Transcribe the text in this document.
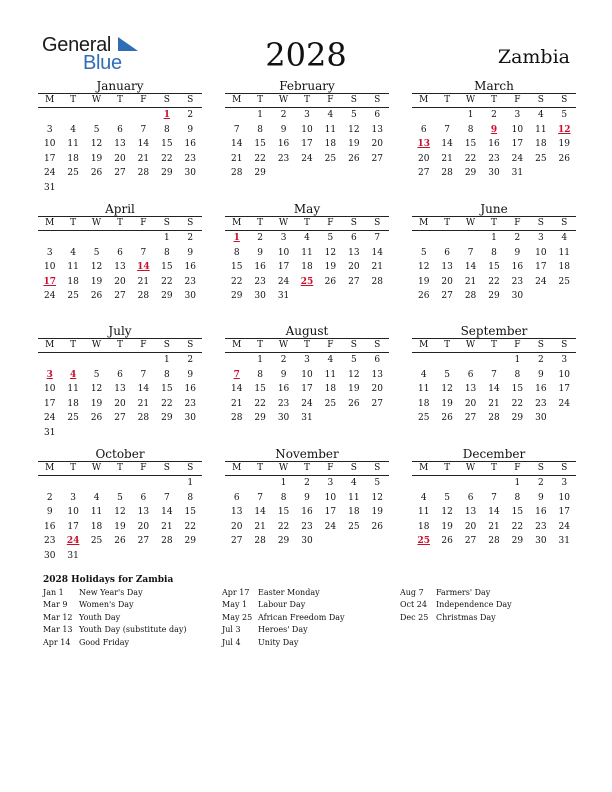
General
Blue	2028	Zambia
January
M	T	W	T	F	S	S
					1	2
3	4	5	6	7	8	9
10	11	12	13	14	15	16
17	18	19	20	21	22	23
24	25	26	27	28	29	30
31						
February
M	T	W	T	F	S	S
	1	2	3	4	5	6
7	8	9	10	11	12	13
14	15	16	17	18	19	20
21	22	23	24	25	26	27
28	29					
March
M	T	W	T	F	S	S
		1	2	3	4	5
6	7	8	9	10	11	12
13	14	15	16	17	18	19
20	21	22	23	24	25	26
27	28	29	30	31		
April
M	T	W	T	F	S	S
					1	2
3	4	5	6	7	8	9
10	11	12	13	14	15	16
17	18	19	20	21	22	23
24	25	26	27	28	29	30
May
M	T	W	T	F	S	S
1	2	3	4	5	6	7
8	9	10	11	12	13	14
15	16	17	18	19	20	21
22	23	24	25	26	27	28
29	30	31				
June
M	T	W	T	F	S	S
			1	2	3	4
5	6	7	8	9	10	11
12	13	14	15	16	17	18
19	20	21	22	23	24	25
26	27	28	29	30		
July
M	T	W	T	F	S	S
					1	2
3	4	5	6	7	8	9
10	11	12	13	14	15	16
17	18	19	20	21	22	23
24	25	26	27	28	29	30
31						
August
M	T	W	T	F	S	S
	1	2	3	4	5	6
7	8	9	10	11	12	13
14	15	16	17	18	19	20
21	22	23	24	25	26	27
28	29	30	31			
September
M	T	W	T	F	S	S
				1	2	3
4	5	6	7	8	9	10
11	12	13	14	15	16	17
18	19	20	21	22	23	24
25	26	27	28	29	30	
October
M	T	W	T	F	S	S
						1
2	3	4	5	6	7	8
9	10	11	12	13	14	15
16	17	18	19	20	21	22
23	24	25	26	27	28	29
30	31					
November
M	T	W	T	F	S	S
		1	2	3	4	5
6	7	8	9	10	11	12
13	14	15	16	17	18	19
20	21	22	23	24	25	26
27	28	29	30			
December
M	T	W	T	F	S	S
				1	2	3
4	5	6	7	8	9	10
11	12	13	14	15	16	17
18	19	20	21	22	23	24
25	26	27	28	29	30	31
2028 Holidays for Zambia
Jan 1 New Year's Day
Mar 9 Women's Day
Mar 12 Youth Day
Mar 13 Youth Day (substitute day)
Apr 14 Good Friday
Apr 17 Easter Monday
May 1 Labour Day
May 25 African Freedom Day
Jul 3 Heroes' Day
Jul 4 Unity Day
Aug 7 Farmers' Day
Oct 24 Independence Day
Dec 25 Christmas Day
